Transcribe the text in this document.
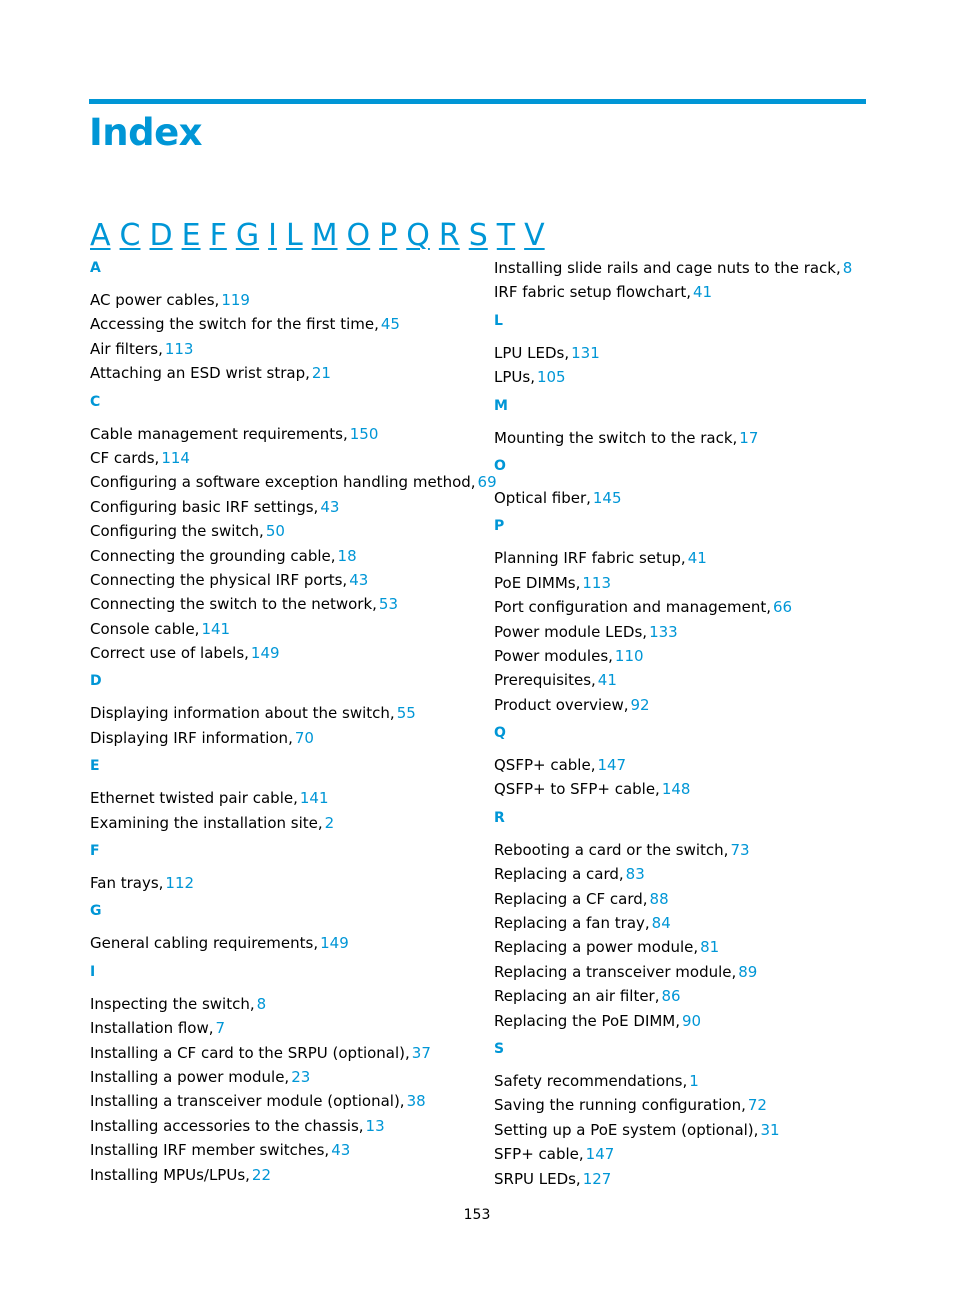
Index
A C D E F G I L M O P Q R S T V
A
AC power cables, 119
Accessing the switch for the first time, 45
Air filters, 113
Attaching an ESD wrist strap, 21
C
Cable management requirements, 150
CF cards, 114
Configuring a software exception handling method, 69
Configuring basic IRF settings, 43
Configuring the switch, 50
Connecting the grounding cable, 18
Connecting the physical IRF ports, 43
Connecting the switch to the network, 53
Console cable, 141
Correct use of labels, 149
D
Displaying information about the switch, 55
Displaying IRF information, 70
E
Ethernet twisted pair cable, 141
Examining the installation site, 2
F
Fan trays, 112
G
General cabling requirements, 149
I
Inspecting the switch, 8
Installation flow, 7
Installing a CF card to the SRPU (optional), 37
Installing a power module, 23
Installing a transceiver module (optional), 38
Installing accessories to the chassis, 13
Installing IRF member switches, 43
Installing MPUs/LPUs, 22
Installing slide rails and cage nuts to the rack, 8
IRF fabric setup flowchart, 41
L
LPU LEDs, 131
LPUs, 105
M
Mounting the switch to the rack, 17
O
Optical fiber, 145
P
Planning IRF fabric setup, 41
PoE DIMMs, 113
Port configuration and management, 66
Power module LEDs, 133
Power modules, 110
Prerequisites, 41
Product overview, 92
Q
QSFP+ cable, 147
QSFP+ to SFP+ cable, 148
R
Rebooting a card or the switch, 73
Replacing a card, 83
Replacing a CF card, 88
Replacing a fan tray, 84
Replacing a power module, 81
Replacing a transceiver module, 89
Replacing an air filter, 86
Replacing the PoE DIMM, 90
S
Safety recommendations, 1
Saving the running configuration, 72
Setting up a PoE system (optional), 31
SFP+ cable, 147
SRPU LEDs, 127
153
